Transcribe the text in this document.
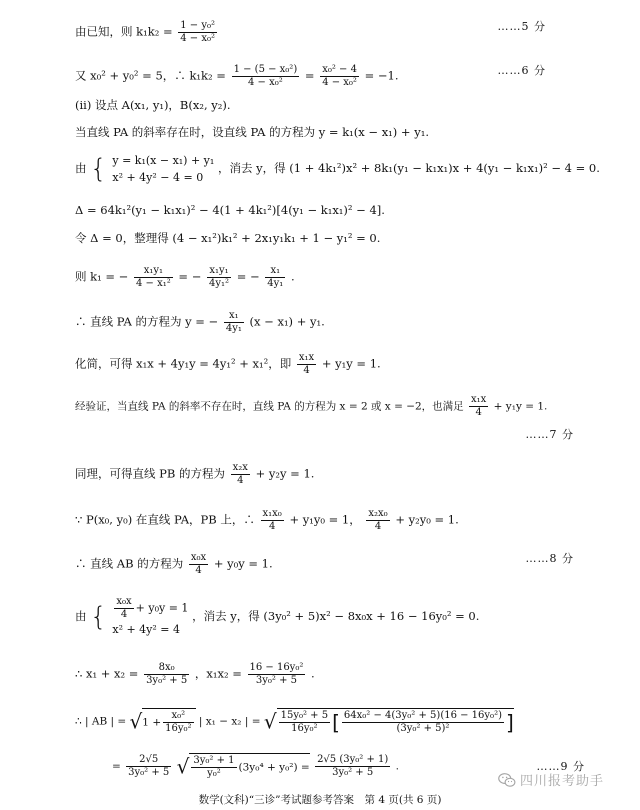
由已知，则 $k_1k_2 = \frac{\text{1 − y₀²}}{\text{4 − x₀²}}$	……5 分
又 x₀² + y₀² = 5，∴ $k_1k_2 = \frac{\text{1 − (5 − x₀²)}}{\text{4 − x₀²}} = \frac{\text{x₀² − 4}}{\text{4 − x₀²}} = -1$.	……6 分
(ii) 设点 A(x₁, y₁)，B(x₂, y₂).
当直线 PA 的斜率存在时，设直线 PA 的方程为 y = k₁(x − x₁) + y₁.
由 { y = k₁(x − x₁) + y₁
x² + 4y² − 4 = 0
，消去 y，得 (1 + 4k₁²)x² + 8k₁(y₁ − k₁x₁)x + 4(y₁ − k₁x₁)² − 4 = 0.
Δ = 64k₁²(y₁ − k₁x₁)² − 4(1 + 4k₁²)[4(y₁ − k₁x₁)² − 4].
令 Δ = 0，整理得 (4 − x₁²)k₁² + 2x₁y₁k₁ + 1 − y₁² = 0.
则 k₁ = − $\frac{\text{x₁y₁}}{\text{4 − x₁²}}$ = − $\frac{\text{x₁y₁}}{\text{4y₁²}}$ = − $\frac{\text{x₁}}{\text{4y₁}}$ .
∴ 直线 PA 的方程为 y = − $\frac{\text{x₁}}{\text{4y₁}} (x - x_1) + y_1$.
化简，可得 x₁x + 4y₁y = 4y₁² + x₁²，即 $\frac{\text{x₁x}}{4} + y_1y = 1$.
经验证，当直线 PA 的斜率不存在时，直线 PA 的方程为 x = 2 或 x = −2，也满足 $\frac{\text{x₁x}}{4} + y_1y = 1$.
……7 分
同理，可得直线 PB 的方程为 $\frac{\text{x₂x}}{4} + y_2y = 1$.
∵ P(x₀, y₀) 在直线 PA，PB 上，∴ $\frac{\text{x₁x₀}}{4} + y_1y_0 = 1$， $\frac{\text{x₂x₀}}{4} + y_2y_0 = 1$.
∴ 直线 AB 的方程为 $\frac{\text{x₀x}}{4} + y_0y = 1$.	……8 分
由 { $\frac{\text{x₀x}}{4} + y_0y = 1$
x² + 4y² = 4
，消去 y，得 (3y₀² + 5)x² − 8x₀x + 16 − 16y₀² = 0.
∴ $x_1 + x_2 = \frac{\text{8x₀}}{\text{3y₀² + 5}}$ ，$x_1x_2 = \frac{\text{16 − 16y₀²}}{\text{3y₀² + 5}}$ .
∴ | AB | = $√1 + \frac{\text{x₀²}}{\text{16y₀²}}$ | x₁ − x₂ | = √ $\frac{\text{15y₀² + 5}}{\text{16y₀²}}$ [ $\frac{\text{64x₀² − 4(3y₀² + 5)(16 − 16y₀²)}}{\text{(3y₀² + 5)²}}$ ]
= $\frac{2√5}{\text{3y₀² + 5}}$ √ $\frac{\text{3y₀² + 1}}{\text{y₀²}} (3y_0^4 + y_0^2) = \frac{\text{2√5 (3y₀² + 1)}}{\text{3y₀² + 5}}$ .	……9 分
四川报考助手
数学(文科)“三诊”考试题参考答案　第 4 页(共 6 页)
